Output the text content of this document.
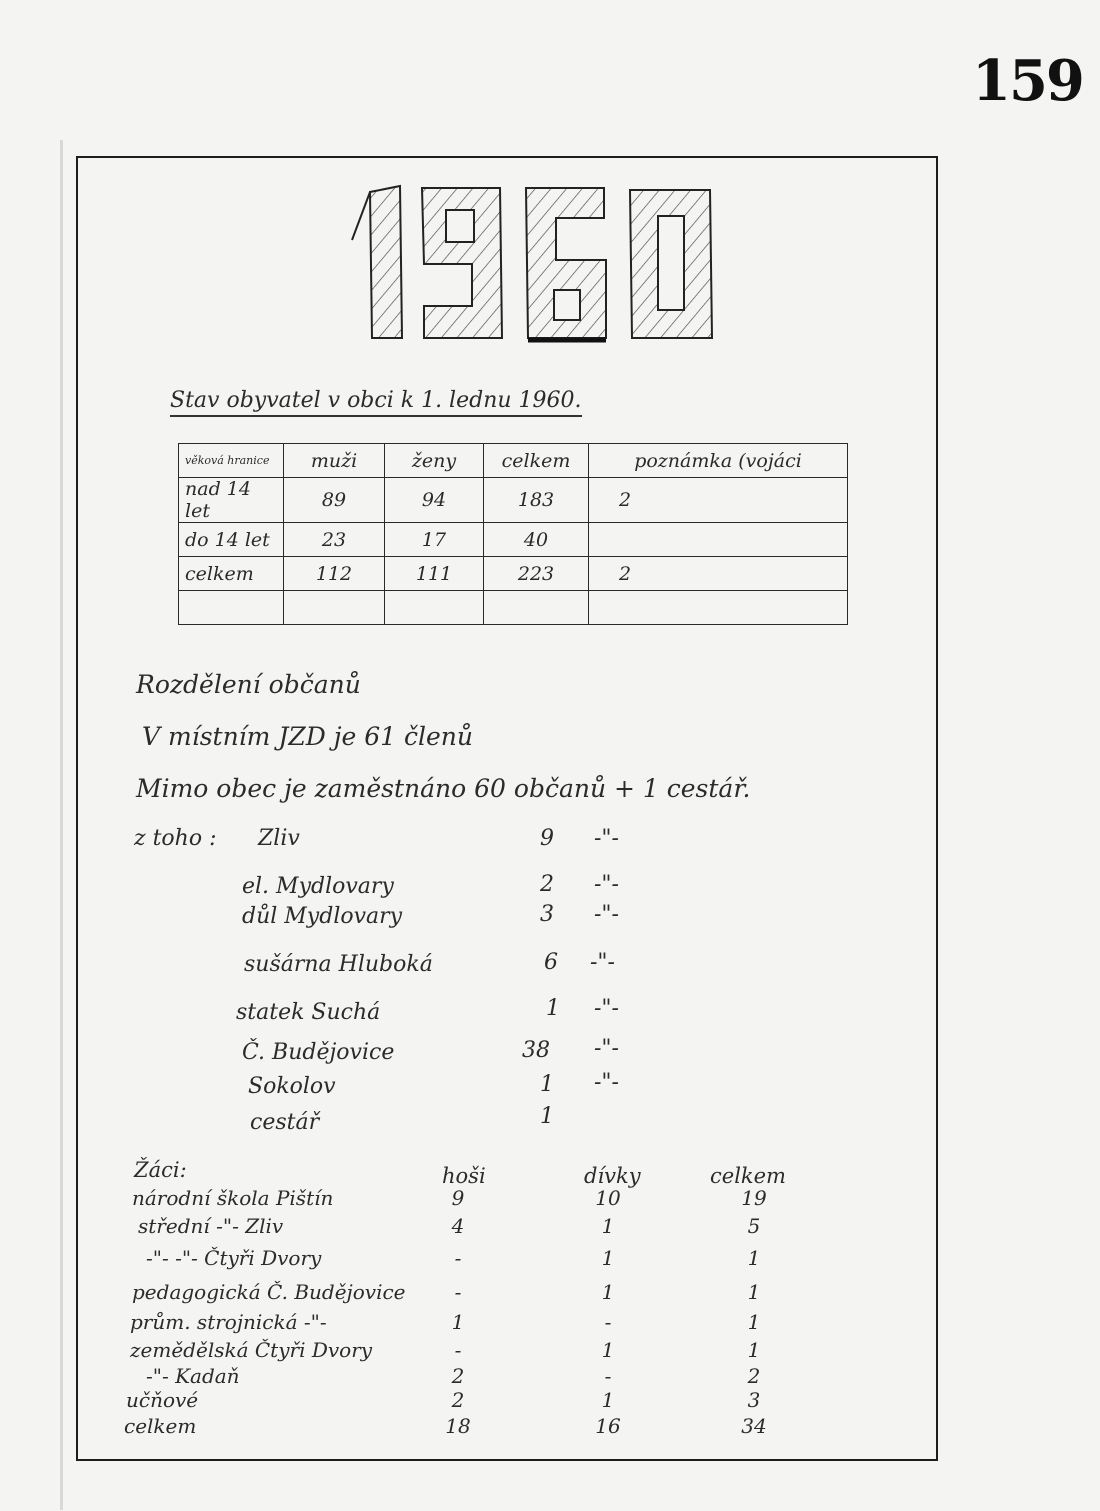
159
1960
Stav obyvatel v obci k 1. lednu 1960.
věková hranice	muži	ženy	celkem	poznámka (vojáci
nad 14 let	89	94	183	2
do 14 let	23	17	40	
celkem	112	111	223	2

Rozdělení občanů
V místním JZD je 61 členů
Mimo obec je zaměstnáno 60 občanů + 1 cestář.
z toho : Zliv	9 -"-
el. Mydlovary	2 -"-
důl Mydlovary	3 -"-
sušárna Hluboká	6 -"-
statek Suchá	1 -"-
Č. Budějovice	38 -"-
Sokolov	1 -"-
cestář	1
Žáci:	hoši	dívky	celkem
národní škola Pištín	9	10	19
střední -"- Zliv	4	1	5
-"- -"- Čtyři Dvory	-	1	1
pedagogická Č. Budějovice	-	1	1
prům. strojnická -"-	1	-	1
zemědělská Čtyři Dvory	-	1	1
-"- Kadaň	2	-	2
učňové	2	1	3
celkem	18	16	34
